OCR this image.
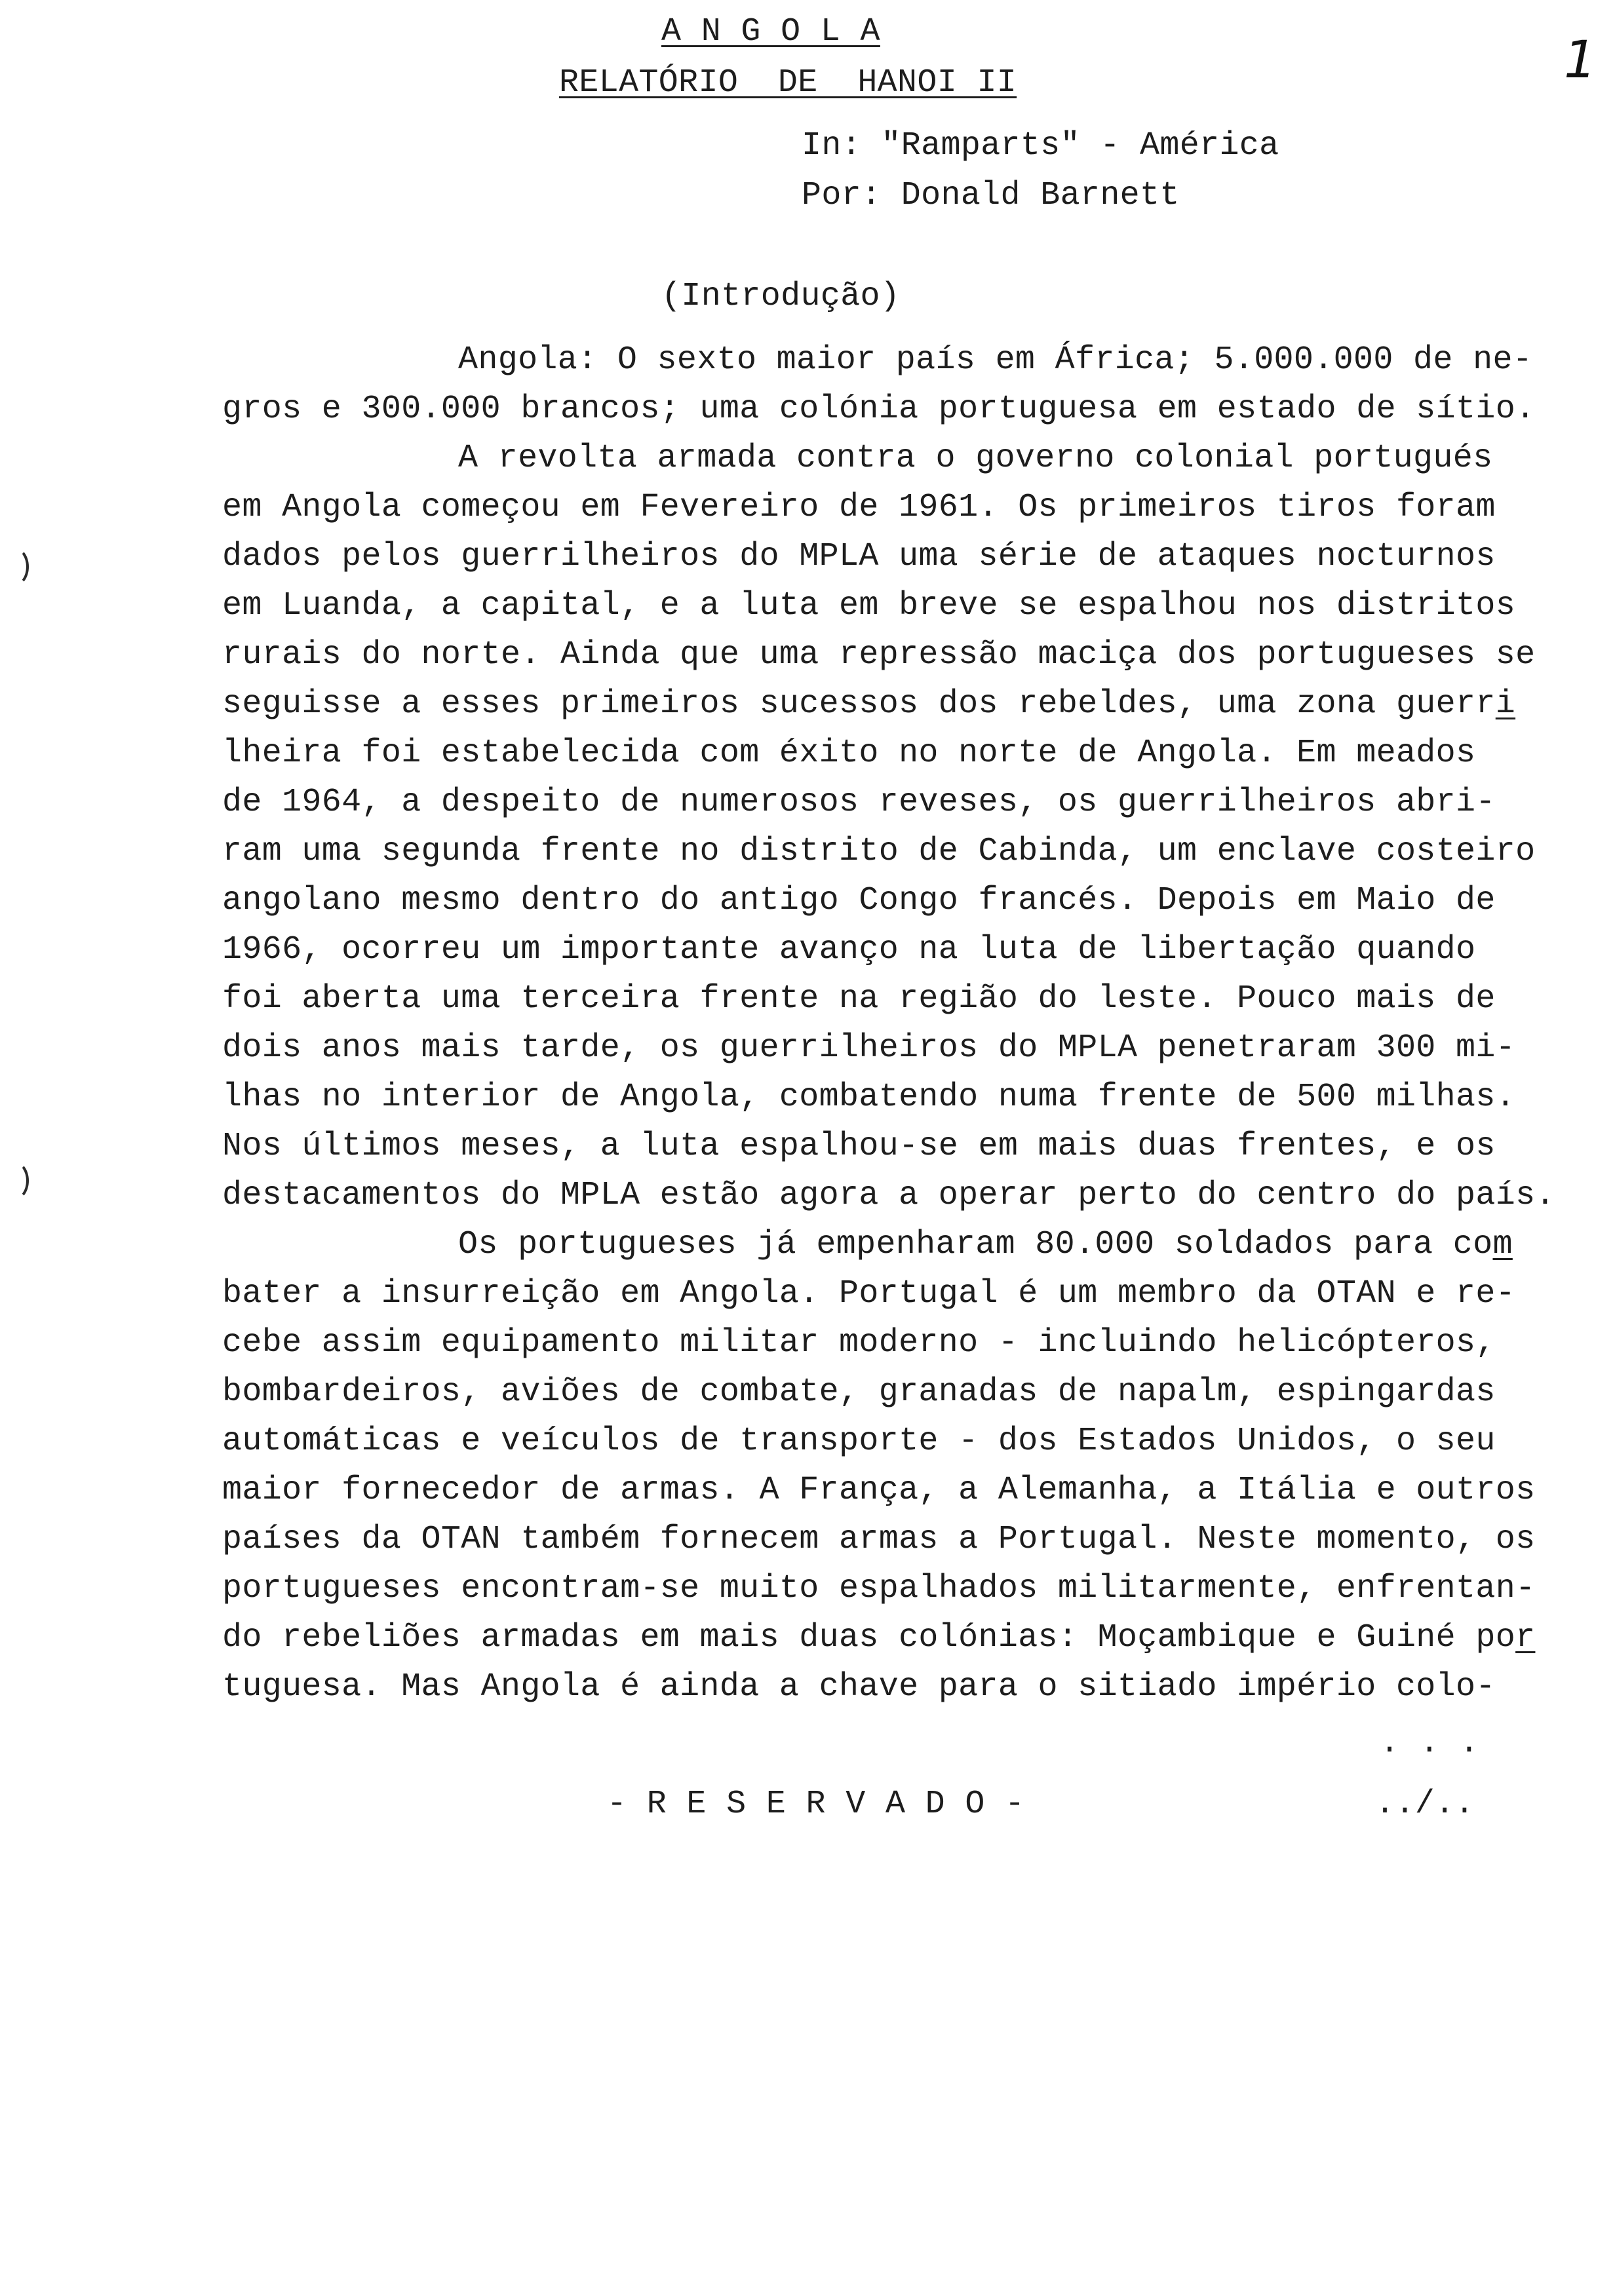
1
A N G O L A
RELATÓRIO  DE  HANOI II
In: "Ramparts" - América
Por: Donald Barnett
(Introdução)
Angola: O sexto maior país em África; 5.000.000 de ne-
gros e 300.000 brancos; uma colónia portuguesa em estado de sítio.
A revolta armada contra o governo colonial portugués
em Angola começou em Fevereiro de 1961. Os primeiros tiros foram
dados pelos guerrilheiros do MPLA uma série de ataques nocturnos
em Luanda, a capital, e a luta em breve se espalhou nos distritos
rurais do norte. Ainda que uma repressão maciça dos portugueses se
seguisse a esses primeiros sucessos dos rebeldes, uma zona guerri
lheira foi estabelecida com éxito no norte de Angola. Em meados
de 1964, a despeito de numerosos reveses, os guerrilheiros abri-
ram uma segunda frente no distrito de Cabinda, um enclave costeiro
angolano mesmo dentro do antigo Congo francés. Depois em Maio de
1966, ocorreu um importante avanço na luta de libertação quando
foi aberta uma terceira frente na região do leste. Pouco mais de
dois anos mais tarde, os guerrilheiros do MPLA penetraram 300 mi-
lhas no interior de Angola, combatendo numa frente de 500 milhas.
Nos últimos meses, a luta espalhou-se em mais duas frentes, e os
destacamentos do MPLA estão agora a operar perto do centro do país.
Os portugueses já empenharam 80.000 soldados para com
bater a insurreição em Angola. Portugal é um membro da OTAN e re-
cebe assim equipamento militar moderno - incluindo helicópteros,
bombardeiros, aviões de combate, granadas de napalm, espingardas
automáticas e veículos de transporte - dos Estados Unidos, o seu
maior fornecedor de armas. A França, a Alemanha, a Itália e outros
países da OTAN também fornecem armas a Portugal. Neste momento, os
portugueses encontram-se muito espalhados militarmente, enfrentan-
do rebeliões armadas em mais duas colónias: Moçambique e Guiné por
tuguesa. Mas Angola é ainda a chave para o sitiado império colo-
. . .
- R E S E R V A D O -	../..
